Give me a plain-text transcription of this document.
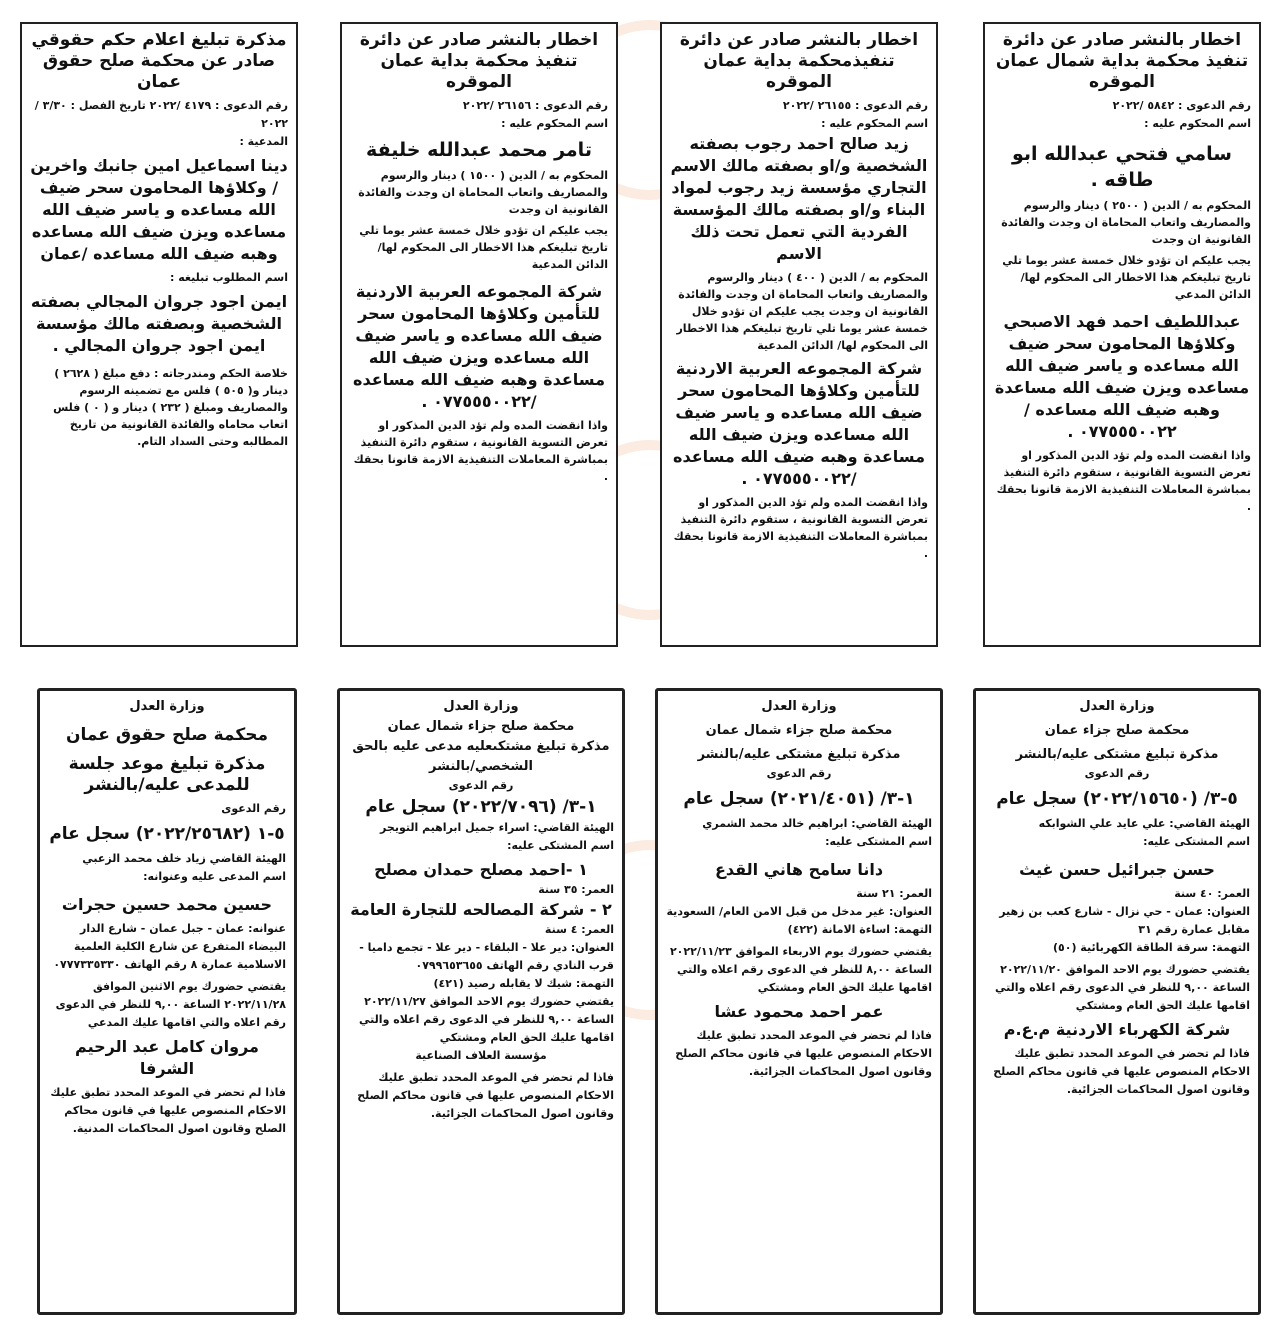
اخطار بالنشر صادر عن دائرة تنفيذ محكمة بداية شمال عمان الموقره
رقم الدعوى : ٥٨٤٢ /٢٠٢٢
اسم المحكوم عليه :
سامي فتحي عبدالله ابو طاقه .
المحكوم به / الدين ( ٢٥٠٠ ) دينار والرسوم والمصاريف واتعاب المحاماة ان وجدت والفائدة القانونية ان وجدت
يجب عليكم ان تؤدو خلال خمسة عشر يوما تلي تاريخ تبليغكم هذا الاخطار الى المحكوم لها/ الدائن المدعي
عبداللطيف احمد فهد الاصبحي وكلاؤها المحامون سحر ضيف الله مساعده و ياسر ضيف الله مساعده ويزن ضيف الله مساعدة وهبه ضيف الله مساعده /٠٧٧٥٥٥٠٠٢٢ .
واذا انقضت المده ولم تؤد الدين المذكور او تعرض التسوية القانونية ، ستقوم دائرة التنفيذ بمباشرة المعاملات التنفيذية الازمة قانونا بحقك .
اخطار بالنشر صادر عن دائرة تنفيذمحكمة بداية عمان الموقره
رقم الدعوى : ٢٦١٥٥ /٢٠٢٢
اسم المحكوم عليه :
زيد صالح احمد رجوب بصفته الشخصية و/او بصفته مالك الاسم التجاري مؤسسة زيد رجوب لمواد البناء و/او بصفته مالك المؤسسة الفردية التي تعمل تحت ذلك الاسم
المحكوم به / الدين ( ٤٠٠ ) دينار والرسوم والمصاريف واتعاب المحاماة ان وجدت والفائدة القانونية ان وجدت يجب عليكم ان تؤدو خلال خمسة عشر يوما تلي تاريخ تبليغكم هذا الاخطار الى المحكوم لها/ الدائن المدعية
شركة المجموعه العربية الاردنية للتأمين وكلاؤها المحامون سحر ضيف الله مساعده و ياسر ضيف الله مساعده ويزن ضيف الله مساعدة وهبه ضيف الله مساعده /٠٧٧٥٥٥٠٠٢٢ .
واذا انقضت المده ولم تؤد الدين المذكور او تعرض التسوية القانونية ، ستقوم دائرة التنفيذ بمباشرة المعاملات التنفيذية الازمة قانونا بحقك .
اخطار بالنشر صادر عن دائرة تنفيذ محكمة بداية عمان الموقره
رقم الدعوى : ٢٦١٥٦ /٢٠٢٢
اسم المحكوم عليه :
تامر محمد عبدالله خليفة
المحكوم به / الدين ( ١٥٠٠ ) دينار والرسوم والمصاريف واتعاب المحاماة ان وجدت والفائدة القانونية ان وجدت
يجب عليكم ان تؤدو خلال خمسة عشر يوما تلي تاريخ تبليغكم هذا الاخطار الى المحكوم لها/ الدائن المدعية
شركة المجموعه العربية الاردنية للتأمين وكلاؤها المحامون سحر ضيف الله مساعده و ياسر ضيف الله مساعده ويزن ضيف الله مساعدة وهبه ضيف الله مساعده /٠٧٧٥٥٥٠٠٢٢ .
واذا انقضت المده ولم تؤد الدين المذكور او تعرض التسوية القانونية ، ستقوم دائرة التنفيذ بمباشرة المعاملات التنفيذية الازمة قانونا بحقك .
مذكرة تبليغ اعلام حكم حقوقي صادر عن محكمة صلح حقوق عمان
رقم الدعوى : ٤١٧٩ /٢٠٢٢ تاريخ الفصل : ٣/٣٠ /٢٠٢٢
المدعية :
دينا اسماعيل امين جانبك واخرين / وكلاؤها المحامون سحر ضيف الله مساعده و ياسر ضيف الله مساعده ويزن ضيف الله مساعده وهبه ضيف الله مساعده /عمان
اسم المطلوب تبليغه :
ايمن اجود جروان المجالي بصفته الشخصية وبصفته مالك مؤسسة ايمن اجود جروان المجالي .
خلاصة الحكم ومندرجاته : دفع مبلغ ( ٢٦٢٨ ) دينار و( ٥٠٥ ) فلس مع تضمينه الرسوم والمصاريف ومبلغ ( ٢٣٢ ) دينار و ( ٠ ) فلس اتعاب محاماه والفائدة القانونية من تاريخ المطالبه وحتى السداد التام.
وزارة العدل
محكمة صلح جزاء عمان
مذكرة تبليغ مشتكى عليه/بالنشر
رقم الدعوى
٥-٣/ (٢٠٢٢/١٥٦٥٠) سجل عام
الهيئة القاضي: علي عايد علي الشوابكه
اسم المشتكى عليه:
حسن جبرائيل حسن غيث
العمر: ٤٠ سنة
العنوان: عمان - حي نزال - شارع كعب بن زهير مقابل عمارة رقم ٣١
التهمة: سرقة الطاقة الكهربائية (٥٠)
يقتضي حضورك يوم الاحد الموافق ٢٠٢٢/١١/٢٠ الساعة ٩,٠٠ للنظر في الدعوى رقم اعلاه والتي اقامها عليك الحق العام ومشتكي
شركة الكهرباء الاردنية م.ع.م
فاذا لم تحضر في الموعد المحدد تطبق عليك الاحكام المنصوص عليها في قانون محاكم الصلح وقانون اصول المحاكمات الجزائية.
وزارة العدل
محكمة صلح جزاء شمال عمان
مذكرة تبليغ مشتكى عليه/بالنشر
رقم الدعوى
١-٣/ (٢٠٢١/٤٠٥١) سجل عام
الهيئة القاضي: ابراهيم خالد محمد الشمري
اسم المشتكى عليه:
دانا سامح هاني القدع
العمر: ٢١ سنة
العنوان: غير مدخل من قبل الامن العام/ السعودية
التهمة: اساءة الامانة (٤٢٢)
يقتضي حضورك يوم الاربعاء الموافق ٢٠٢٢/١١/٢٣ الساعة ٨,٠٠ للنظر في الدعوى رقم اعلاه والتي اقامها عليك الحق العام ومشتكي
عمر احمد محمود عشا
فاذا لم تحضر في الموعد المحدد تطبق عليك الاحكام المنصوص عليها في قانون محاكم الصلح وقانون اصول المحاكمات الجزائية.
وزارة العدل
محكمة صلح جزاء شمال عمان
مذكرة تبليغ مشتكىعليه مدعى عليه بالحق الشخصي/بالنشر
رقم الدعوى
١-٣/ (٢٠٢٢/٧٠٩٦) سجل عام
الهيئة القاضي: اسراء جميل ابراهيم التويجر
اسم المشتكى عليه:
١ -احمد مصلح حمدان مصلح
العمر: ٣٥ سنة
٢ - شركة المصالحه للتجارة العامة
العمر: ٤ سنة
العنوان: دير علا - البلقاء - دير علا - تجمع داميا - قرب النادي رقم الهاتف ٠٧٩٩٦٥٣٦٥٥
التهمة: شيك لا يقابله رصيد (٤٢١)
يقتضي حضورك يوم الاحد الموافق ٢٠٢٢/١١/٢٧ الساعة ٩,٠٠ للنظر في الدعوى رقم اعلاه والتي اقامها عليك الحق العام ومشتكي
مؤسسة العلاف الصناعية
فاذا لم تحضر في الموعد المحدد تطبق عليك الاحكام المنصوص عليها في قانون محاكم الصلح وقانون اصول المحاكمات الجزائية.
وزارة العدل
محكمة صلح حقوق عمان
مذكرة تبليغ موعد جلسة للمدعى عليه/بالنشر
رقم الدعوى
٥-١ (٢٠٢٢/٢٥٦٨٢) سجل عام
الهيئة القاضي زياد خلف محمد الزعبي
اسم المدعى عليه وعنوانه:
حسين محمد حسين حجرات
عنوانه: عمان - جبل عمان - شارع الدار البيضاء المتفرع عن شارع الكلية العلمية الاسلامية عمارة ٨ رقم الهاتف ٠٧٧٧٣٣٥٣٣٠
يقتضي حضورك يوم الاثنين الموافق ٢٠٢٢/١١/٢٨ الساعة ٩,٠٠ للنظر في الدعوى رقم اعلاه والتي اقامها عليك المدعي
مروان كامل عبد الرحيم الشرفا
فاذا لم تحضر في الموعد المحدد تطبق عليك الاحكام المنصوص عليها في قانون محاكم الصلح وقانون اصول المحاكمات المدنية.
